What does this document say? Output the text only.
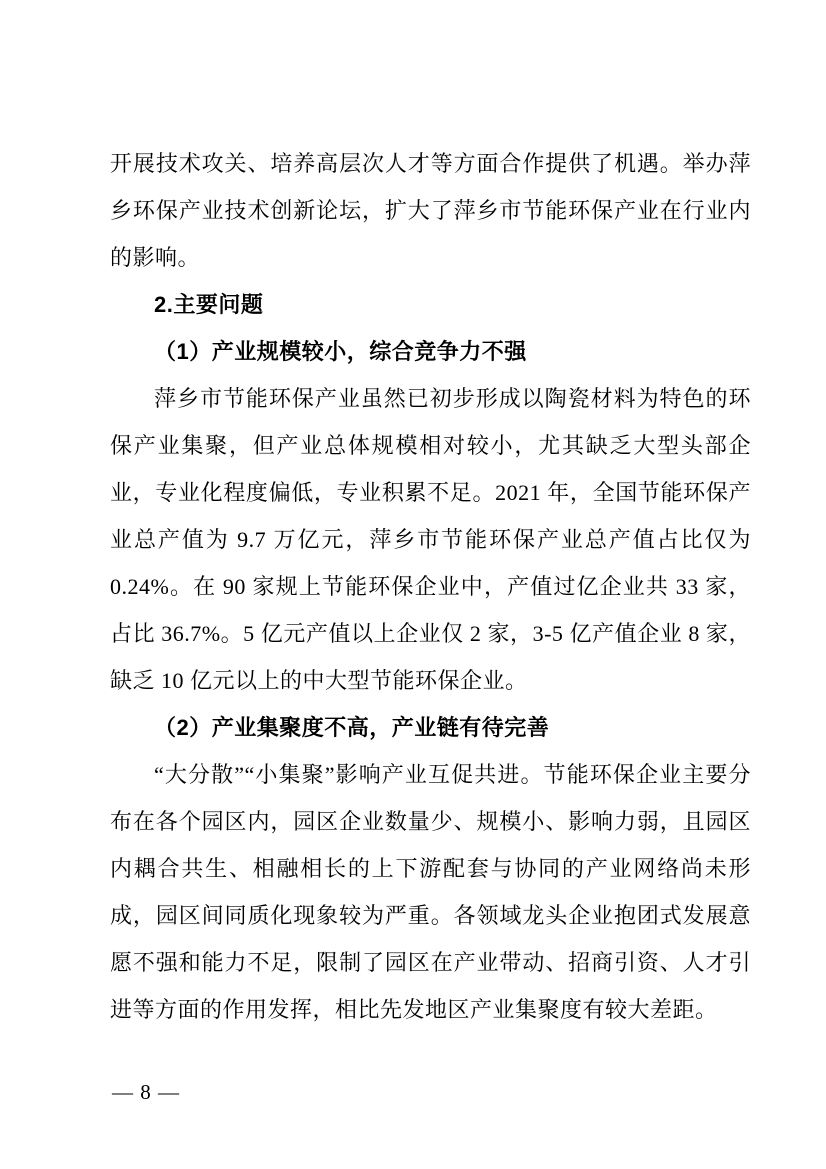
开展技术攻关、培养高层次人才等方面合作提供了机遇。举办萍乡环保产业技术创新论坛，扩大了萍乡市节能环保产业在行业内的影响。

2.主要问题
（1）产业规模较小，综合竞争力不强

萍乡市节能环保产业虽然已初步形成以陶瓷材料为特色的环保产业集聚，但产业总体规模相对较小，尤其缺乏大型头部企业，专业化程度偏低，专业积累不足。2021 年，全国节能环保产业总产值为 9.7 万亿元，萍乡市节能环保产业总产值占比仅为 0.24%。在 90 家规上节能环保企业中，产值过亿企业共 33 家，占比 36.7%。5 亿元产值以上企业仅 2 家，3-5 亿产值企业 8 家，缺乏 10 亿元以上的中大型节能环保企业。

（2）产业集聚度不高，产业链有待完善

“大分散”“小集聚”影响产业互促共进。节能环保企业主要分布在各个园区内，园区企业数量少、规模小、影响力弱，且园区内耦合共生、相融相长的上下游配套与协同的产业网络尚未形成，园区间同质化现象较为严重。各领域龙头企业抱团式发展意愿不强和能力不足，限制了园区在产业带动、招商引资、人才引进等方面的作用发挥，相比先发地区产业集聚度有较大差距。

— 8 —
